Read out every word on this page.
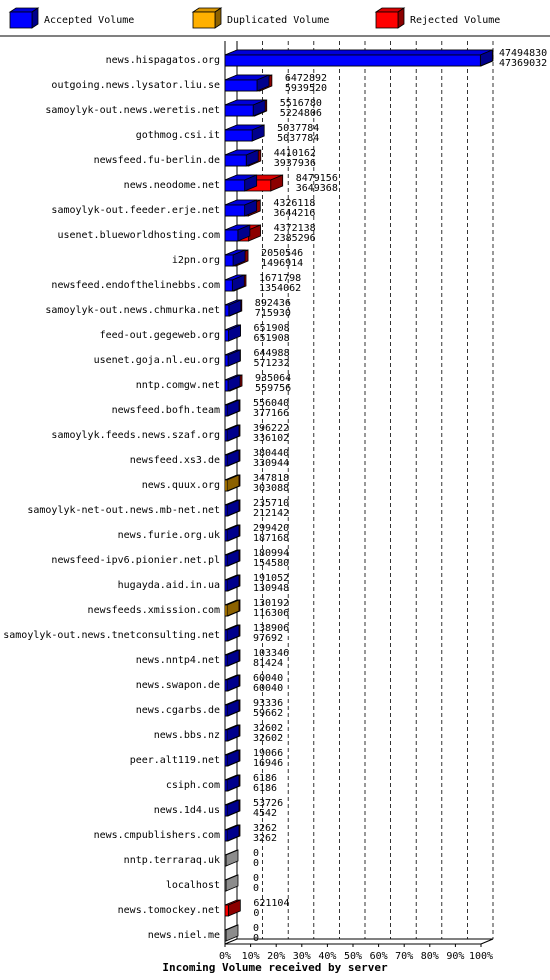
Accepted Volume	Duplicated Volume	Rejected Volume
news.hispagatos.org
outgoing.news.lysator.liu.se
samoylyk-out.news.weretis.net
gothmog.csi.it
newsfeed.fu-berlin.de
news.neodome.net
samoylyk-out.feeder.erje.net
usenet.blueworldhosting.com
i2pn.org
newsfeed.endofthelinebbs.com
samoylyk-out.news.chmurka.net
feed-out.gegeweb.org
usenet.goja.nl.eu.org
nntp.comgw.net
newsfeed.bofh.team
samoylyk.feeds.news.szaf.org
newsfeed.xs3.de
news.quux.org
samoylyk-net-out.news.mb-net.net
news.furie.org.uk
newsfeed-ipv6.pionier.net.pl
hugayda.aid.in.ua
newsfeeds.xmission.com
samoylyk-out.news.tnetconsulting.net
news.nntp4.net
news.swapon.de
news.cgarbs.de
news.bbs.nz
peer.alt119.net
csiph.com
news.1d4.us
news.cmpublishers.com
nntp.terraraq.uk
localhost
news.tomockey.net
news.niel.me
47494830
47369032
6472892
5939520
5516780
5224806
5037784
5037784
4410162
3937936
8479156
3649368
4326118
3644216
4372138
2385296
2050546
1496914
1671798
1354062
892436
715930
651908
651908
644988
571232
935064
559756
556040
377166
396222
336102
380440
330944
347818
303088
235710
212142
299420
187168
180994
154580
191052
130948
130192
116306
138906
97692
103346
81424
60040
60040
93336
59662
32602
32602
19066
16946
6186
6186
53726
4542
3262
3262
0
0
0
0
621104
0
0
0
0% 10% 20% 30% 40% 50% 60% 70% 80% 90% 100%
Incoming Volume received by server
